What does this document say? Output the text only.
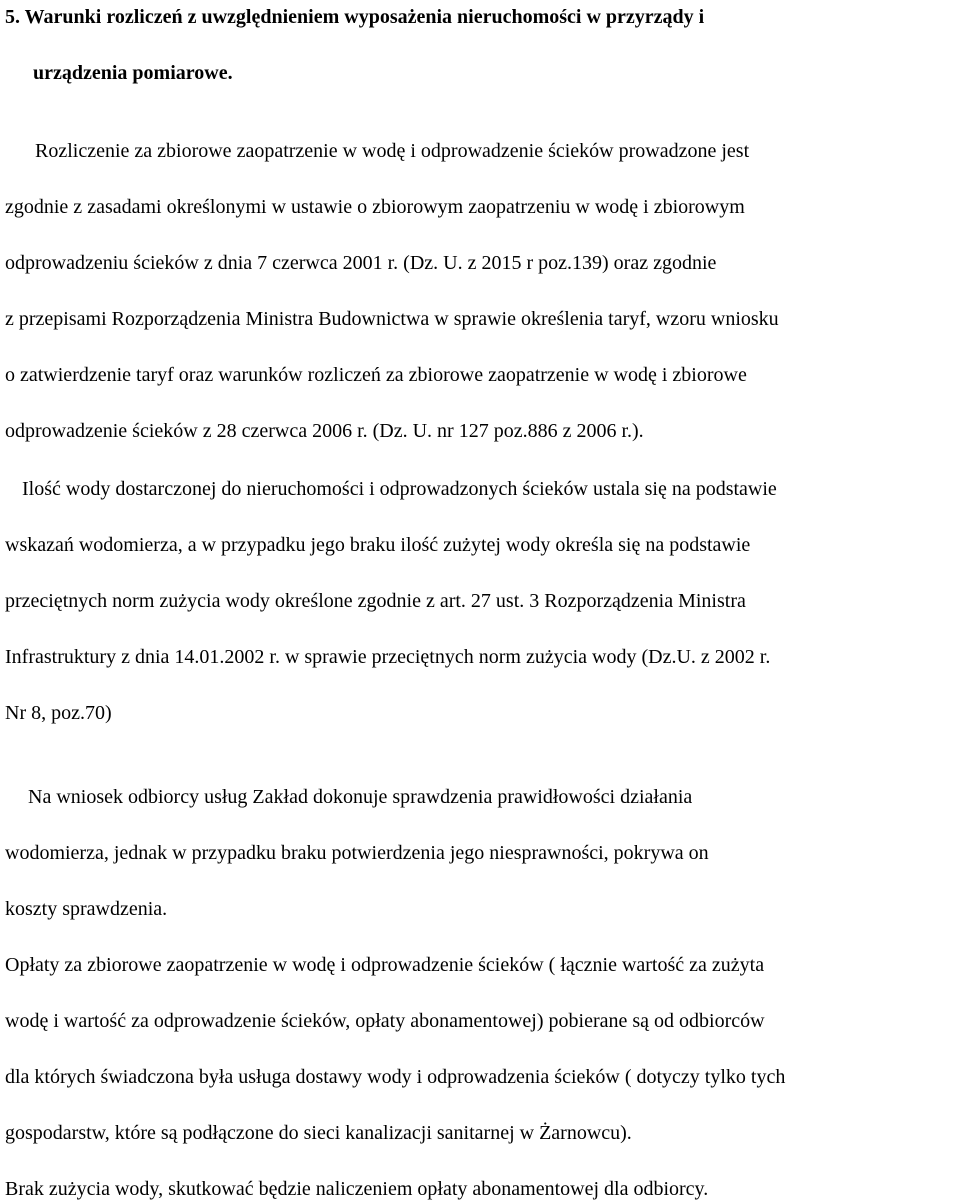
5. Warunki rozliczeń z uwzględnieniem wyposażenia nieruchomości w przyrządy i
urządzenia pomiarowe.

Rozliczenie za zbiorowe zaopatrzenie w wodę i odprowadzenie ścieków prowadzone jest

zgodnie z zasadami określonymi w ustawie o zbiorowym zaopatrzeniu w wodę i zbiorowym

odprowadzeniu ścieków z dnia 7 czerwca 2001 r. (Dz. U. z 2015 r poz.139) oraz zgodnie

z przepisami Rozporządzenia Ministra Budownictwa w sprawie określenia taryf, wzoru wniosku

o zatwierdzenie taryf oraz warunków rozliczeń za zbiorowe zaopatrzenie w wodę i zbiorowe

odprowadzenie ścieków z 28 czerwca 2006 r. (Dz. U. nr 127 poz.886 z 2006 r.).

Ilość wody dostarczonej do nieruchomości i odprowadzonych ścieków ustala się na podstawie

wskazań wodomierza, a w przypadku jego braku ilość zużytej wody określa się na podstawie

przeciętnych norm zużycia wody określone zgodnie z art. 27 ust. 3 Rozporządzenia Ministra

Infrastruktury z dnia 14.01.2002 r. w sprawie przeciętnych norm zużycia wody (Dz.U. z 2002 r.

Nr 8, poz.70)

Na wniosek odbiorcy usług Zakład dokonuje sprawdzenia prawidłowości działania

wodomierza, jednak w przypadku braku potwierdzenia jego niesprawności, pokrywa on

koszty sprawdzenia.

Opłaty za zbiorowe zaopatrzenie w wodę i odprowadzenie ścieków ( łącznie wartość za zużyta

wodę i wartość za odprowadzenie ścieków, opłaty abonamentowej) pobierane są od odbiorców

dla których świadczona była usługa dostawy wody i odprowadzenia ścieków ( dotyczy tylko tych

gospodarstw, które są podłączone do sieci kanalizacji sanitarnej w Żarnowcu).

Brak zużycia wody, skutkować będzie naliczeniem opłaty abonamentowej dla odbiorcy.
